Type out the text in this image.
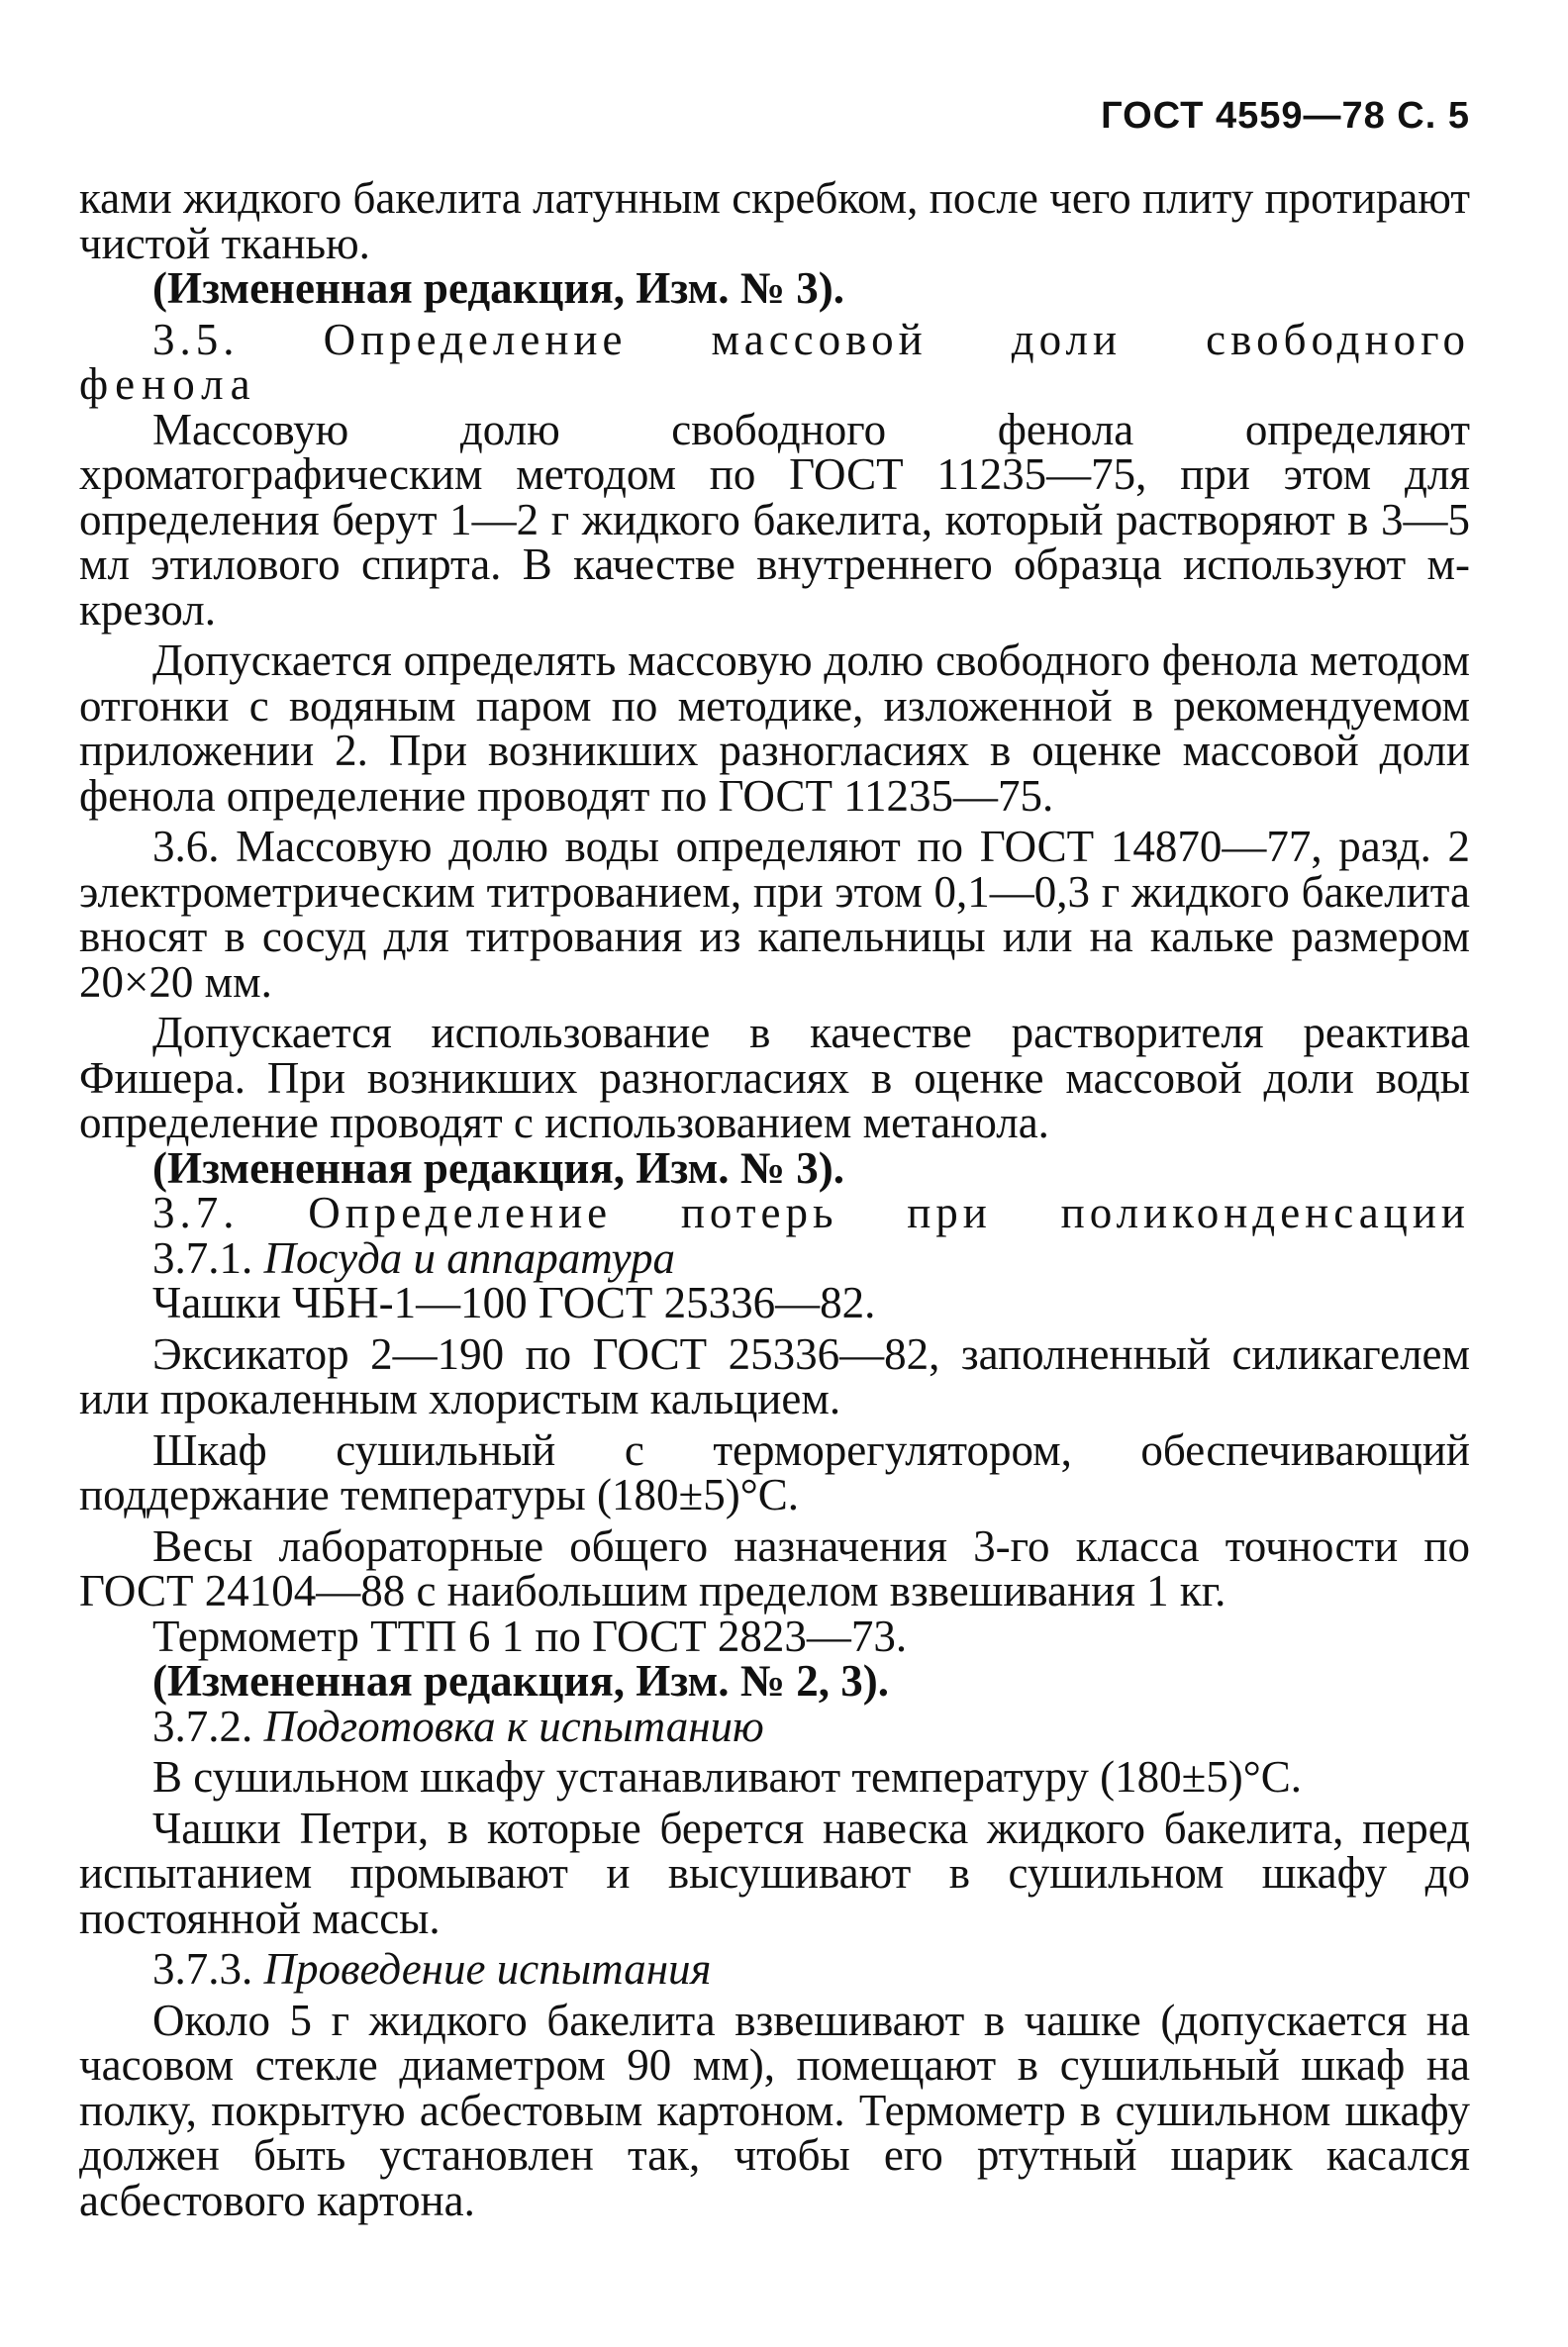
ГОСТ 4559—78 С. 5

ками жидкого бакелита латунным скребком, после чего плиту протирают чистой тканью.

(Измененная редакция, Изм. № 3).

3.5. Определение массовой доли свободного

фенола

Массовую долю свободного фенола определяют хроматографическим методом по ГОСТ 11235—75, при этом для определения берут 1—2 г жидкого бакелита, который растворяют в 3—5 мл этилового спирта. В качестве внутреннего образца используют м-крезол.

Допускается определять массовую долю свободного фенола методом отгонки с водяным паром по методике, изложенной в рекомендуемом приложении 2. При возникших разногласиях в оценке массовой доли фенола определение проводят по ГОСТ 11235—75.

3.6. Массовую долю воды определяют по ГОСТ 14870—77, разд. 2 электрометрическим титрованием, при этом 0,1—0,3 г жидкого бакелита вносят в сосуд для титрования из капельницы или на кальке размером 20×20 мм.

Допускается использование в качестве растворителя реактива Фишера. При возникших разногласиях в оценке массовой доли воды определение проводят с использованием метанола.

(Измененная редакция, Изм. № 3).

3.7. Определение потерь при поликонденсации

3.7.1. Посуда и аппаратура

Чашки ЧБН-1—100 ГОСТ 25336—82.

Эксикатор 2—190 по ГОСТ 25336—82, заполненный силикагелем или прокаленным хлористым кальцием.

Шкаф сушильный с терморегулятором, обеспечивающий поддержание температуры (180±5)°С.

Весы лабораторные общего назначения 3-го класса точности по ГОСТ 24104—88 с наибольшим пределом взвешивания 1 кг.

Термометр ТТП 6 1 по ГОСТ 2823—73.

(Измененная редакция, Изм. № 2, 3).

3.7.2. Подготовка к испытанию

В сушильном шкафу устанавливают температуру (180±5)°С.

Чашки Петри, в которые берется навеска жидкого бакелита, перед испытанием промывают и высушивают в сушильном шкафу до постоянной массы.

3.7.3. Проведение испытания

Около 5 г жидкого бакелита взвешивают в чашке (допускается на часовом стекле диаметром 90 мм), помещают в сушильный шкаф на полку, покрытую асбестовым картоном. Термометр в сушильном шкафу должен быть установлен так, чтобы его ртутный шарик касался асбестового картона.
